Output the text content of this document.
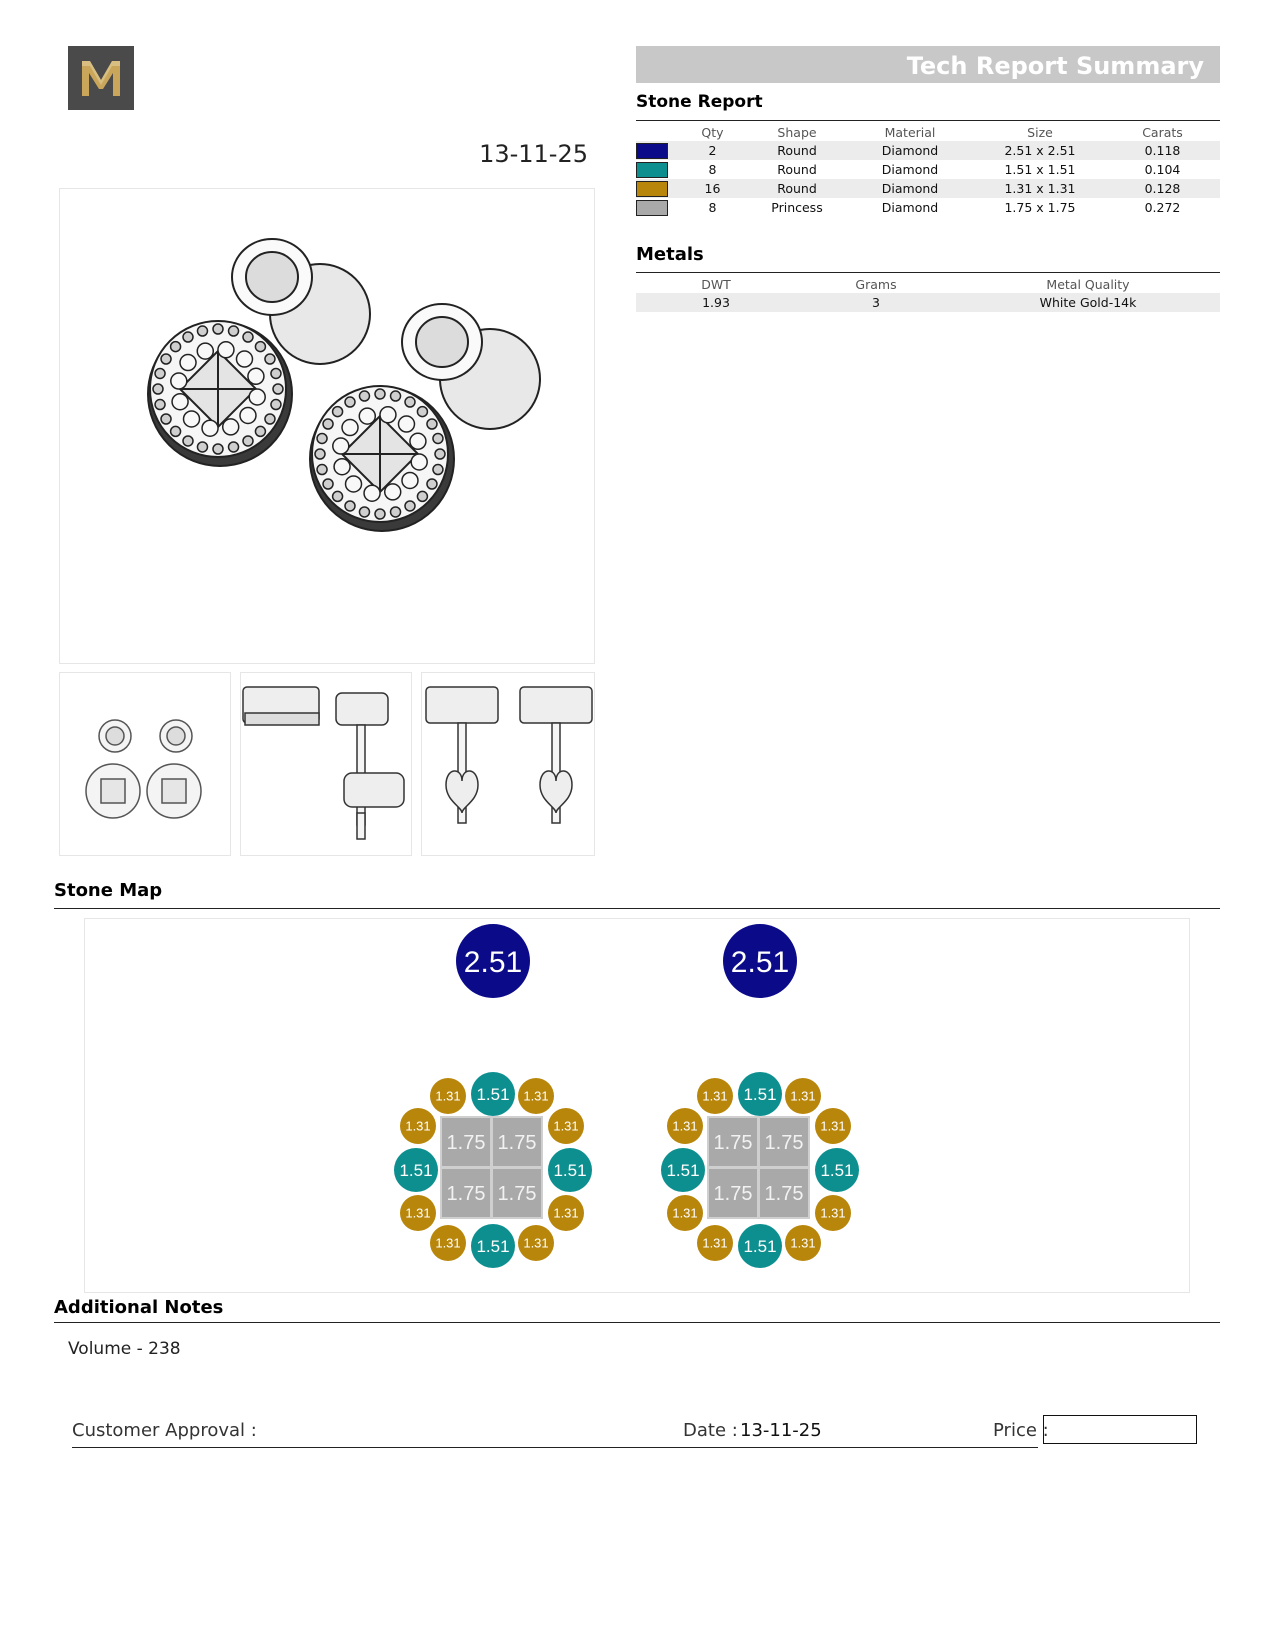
13-11-25
Tech Report Summary
Stone Report
	Qty	Shape	Material	Size	Carats
	2	Round	Diamond	2.51 x 2.51	0.118
	8	Round	Diamond	1.51 x 1.51	0.104
	16	Round	Diamond	1.31 x 1.31	0.128
	8	Princess	Diamond	1.75 x 1.75	0.272
Metals
DWT	Grams	Metal Quality
1.93	3	White Gold-14k
Stone Map
2.51
1.75 1.75
1.75 1.75
1.51
1.51
1.51	1.51
1.31	1.31
1.31	1.31
1.31	1.31
1.31	1.31
2.51
1.75 1.75
1.75 1.75
1.51
1.51
1.51	1.51
1.31	1.31
1.31	1.31
1.31	1.31
1.31	1.31
Additional Notes
Volume - 238
Customer Approval :	Date : 13-11-25	Price :
